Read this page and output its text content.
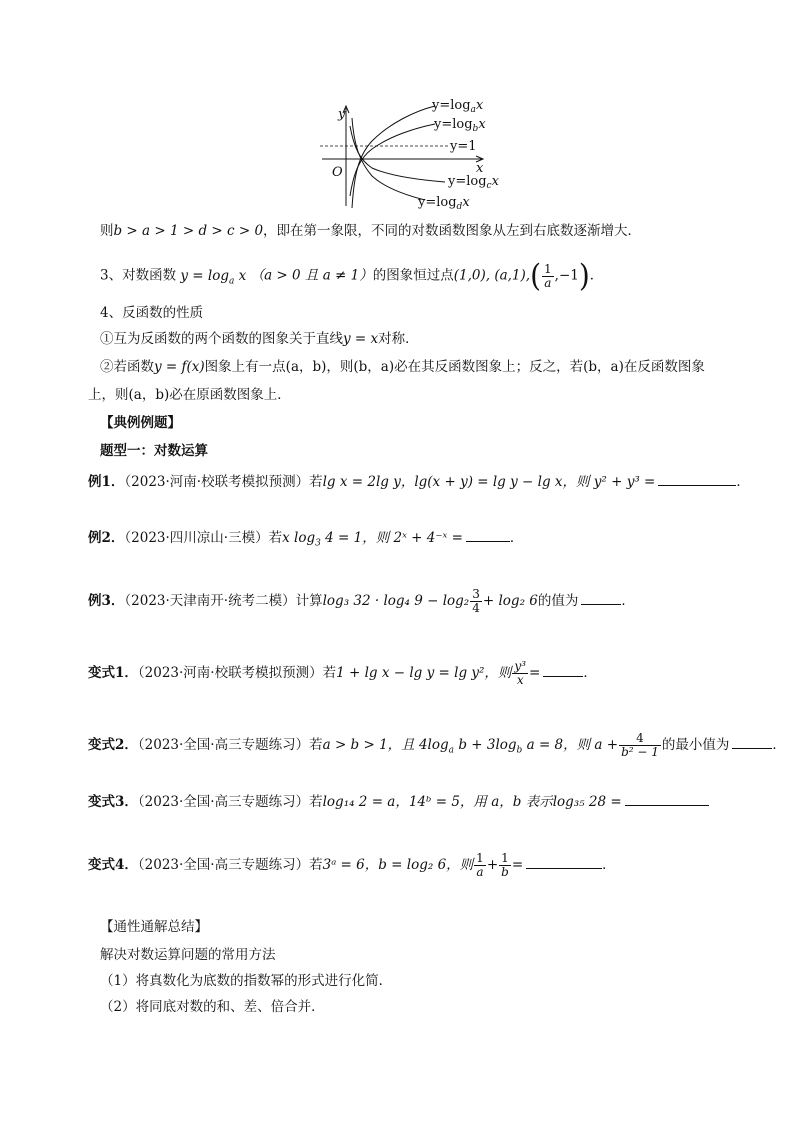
y
x
O
$y=\log_ax$
$y=\log_bx$
y=1
$y=\log_cx$
$y=\log_dx$
则b > a > 1 > d > c > 0，即在第一象限，不同的对数函数图象从左到右底数逐渐增大．
3、对数函数 $y = \log_a x$ （a > 0 且 a ≠ 1）的图象恒过点(1,0), $(a,1),( \frac{1}{a} ,-1)$．
4、反函数的性质
①互为反函数的两个函数的图象关于直线y = x对称．
②若函数y = f(x)图象上有一点(a，b)，则(b，a)必在其反函数图象上；反之，若(b，a)在反函数图象
上，则(a，b)必在原函数图象上．
【典例例题】
题型一：对数运算
例1．（2023·河南·校联考模拟预测）若lg x = 2lg y，lg(x + y) = lg y − lg x，则 y² + y³ =	．
例2．（2023·四川凉山·三模）若x $\log_3 4 = 1$，则 2ˣ + 4⁻ˣ =	．
例3．（2023·天津南开·统考二模）计算log₃ 32 · log₄ $9 - \log_2 \frac{3}{4} + \log_2$ 6的值为	．
变式1．（2023·河南·校联考模拟预测）若1 + lg x − lg y = lg y²，则 $\frac{\text{y³}}{x}$ =	．
变式2．（2023·全国·高三专题练习）若a > b > 1，且 $4\log_a$ $b + 3\log_b$ a = 8，则 $a + \frac{4}{\text{b² − 1}}$ 的最小值为	．
变式3．（2023·全国·高三专题练习）若log₁₄ 2 = a，14ᵇ = 5，用 a，b 表示log₃₅ 28 =
变式4．（2023·全国·高三专题练习）若3ᵃ = 6，b = log₂ 6，则 $\frac{1}{a} + \frac{1}{b}$ =	．
【通性通解总结】
解决对数运算问题的常用方法
（1）将真数化为底数的指数幂的形式进行化简．
（2）将同底对数的和、差、倍合并．
